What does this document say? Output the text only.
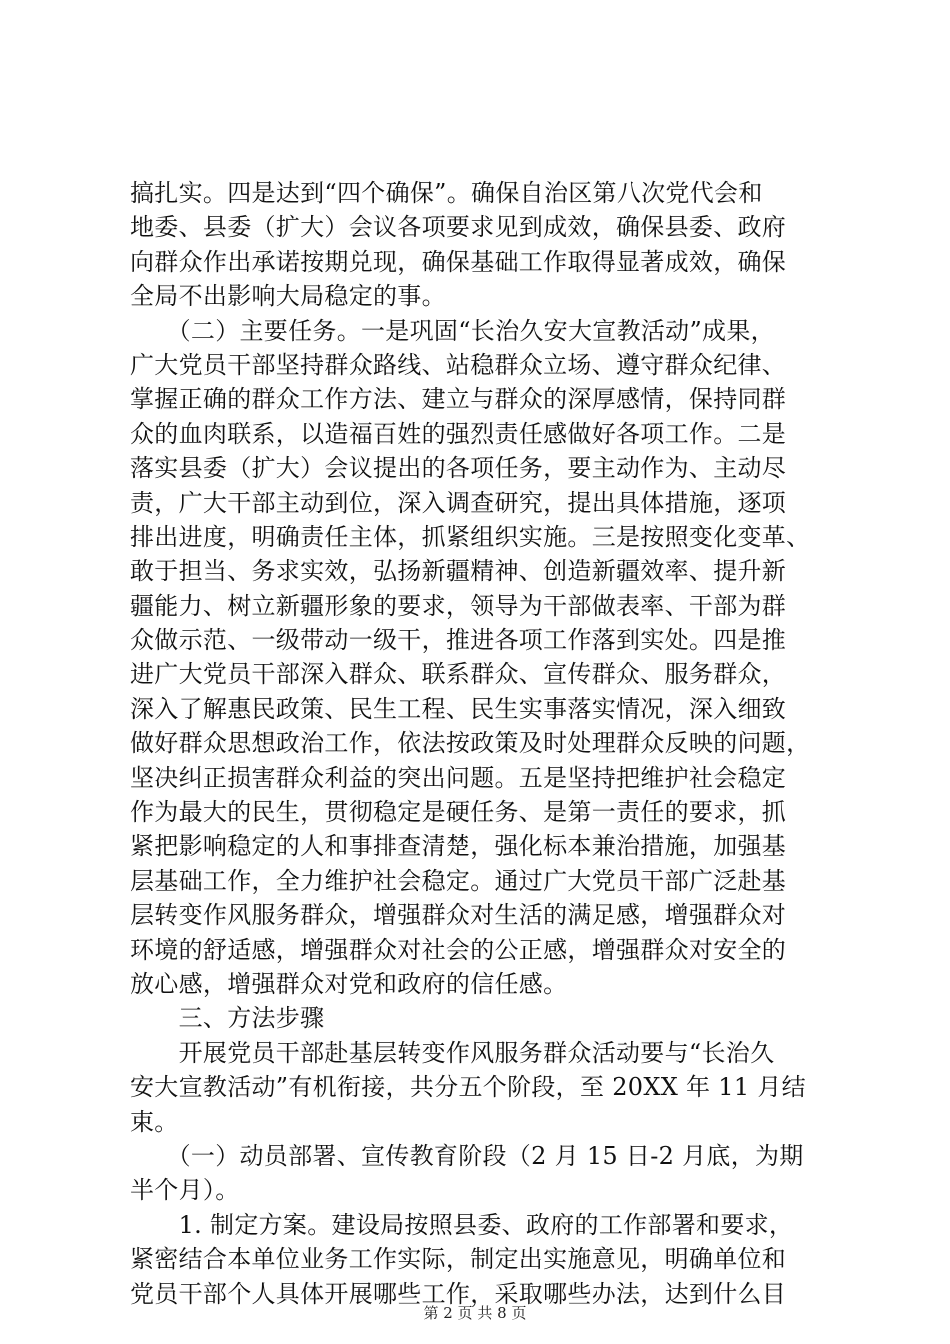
搞扎实。四是达到“四个确保”。确保自治区第八次党代会和
地委、县委（扩大）会议各项要求见到成效，确保县委、政府
向群众作出承诺按期兑现，确保基础工作取得显著成效，确保
全局不出影响大局稳定的事。
　　（二）主要任务。一是巩固“长治久安大宣教活动”成果，
广大党员干部坚持群众路线、站稳群众立场、遵守群众纪律、
掌握正确的群众工作方法、建立与群众的深厚感情，保持同群
众的血肉联系，以造福百姓的强烈责任感做好各项工作。二是
落实县委（扩大）会议提出的各项任务，要主动作为、主动尽
责，广大干部主动到位，深入调查研究，提出具体措施，逐项
排出进度，明确责任主体，抓紧组织实施。三是按照变化变革、
敢于担当、务求实效，弘扬新疆精神、创造新疆效率、提升新
疆能力、树立新疆形象的要求，领导为干部做表率、干部为群
众做示范、一级带动一级干，推进各项工作落到实处。四是推
进广大党员干部深入群众、联系群众、宣传群众、服务群众，
深入了解惠民政策、民生工程、民生实事落实情况，深入细致
做好群众思想政治工作，依法按政策及时处理群众反映的问题，
坚决纠正损害群众利益的突出问题。五是坚持把维护社会稳定
作为最大的民生，贯彻稳定是硬任务、是第一责任的要求，抓
紧把影响稳定的人和事排查清楚，强化标本兼治措施，加强基
层基础工作，全力维护社会稳定。通过广大党员干部广泛赴基
层转变作风服务群众，增强群众对生活的满足感，增强群众对
环境的舒适感，增强群众对社会的公正感，增强群众对安全的
放心感，增强群众对党和政府的信任感。
　　三、方法步骤
　　开展党员干部赴基层转变作风服务群众活动要与“长治久
安大宣教活动”有机衔接，共分五个阶段，至 20XX 年 11 月结
束。
　　（一）动员部署、宣传教育阶段（2 月 15 日-2 月底，为期
半个月）。
　　1. 制定方案。建设局按照县委、政府的工作部署和要求，
紧密结合本单位业务工作实际，制定出实施意见，明确单位和
党员干部个人具体开展哪些工作，采取哪些办法，达到什么目
第 2 页 共 8 页
